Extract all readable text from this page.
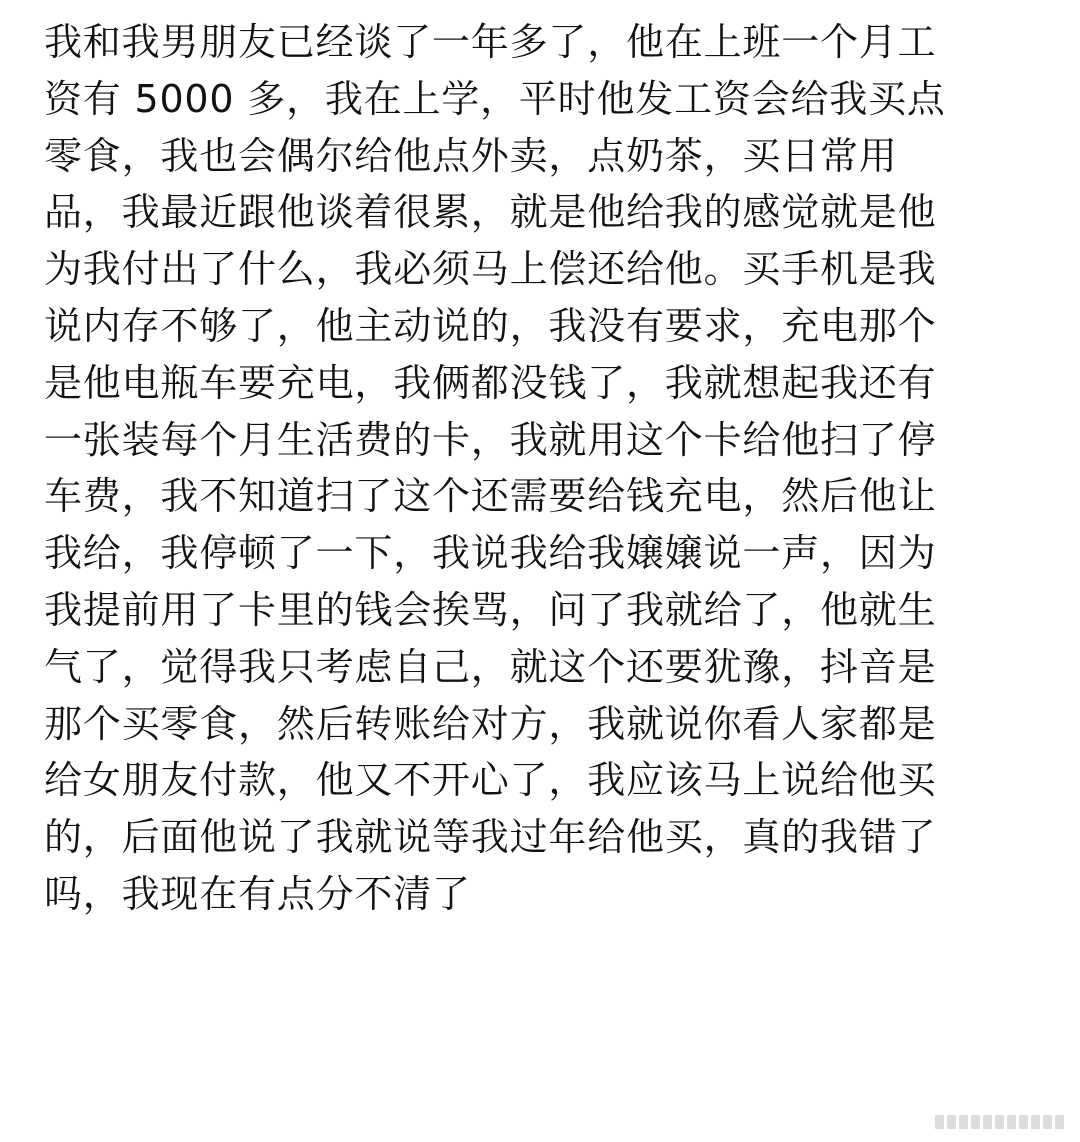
我和我男朋友已经谈了一年多了，他在上班一个月工
资有 5000 多，我在上学，平时他发工资会给我买点
零食，我也会偶尔给他点外卖，点奶茶，买日常用
品，我最近跟他谈着很累，就是他给我的感觉就是他
为我付出了什么，我必须马上偿还给他。买手机是我
说内存不够了，他主动说的，我没有要求，充电那个
是他电瓶车要充电，我俩都没钱了，我就想起我还有
一张装每个月生活费的卡，我就用这个卡给他扫了停
车费，我不知道扫了这个还需要给钱充电，然后他让
我给，我停顿了一下，我说我给我嬢嬢说一声，因为
我提前用了卡里的钱会挨骂，问了我就给了，他就生
气了，觉得我只考虑自己，就这个还要犹豫，抖音是
那个买零食，然后转账给对方，我就说你看人家都是
给女朋友付款，他又不开心了，我应该马上说给他买
的，后面他说了我就说等我过年给他买，真的我错了
吗，我现在有点分不清了
